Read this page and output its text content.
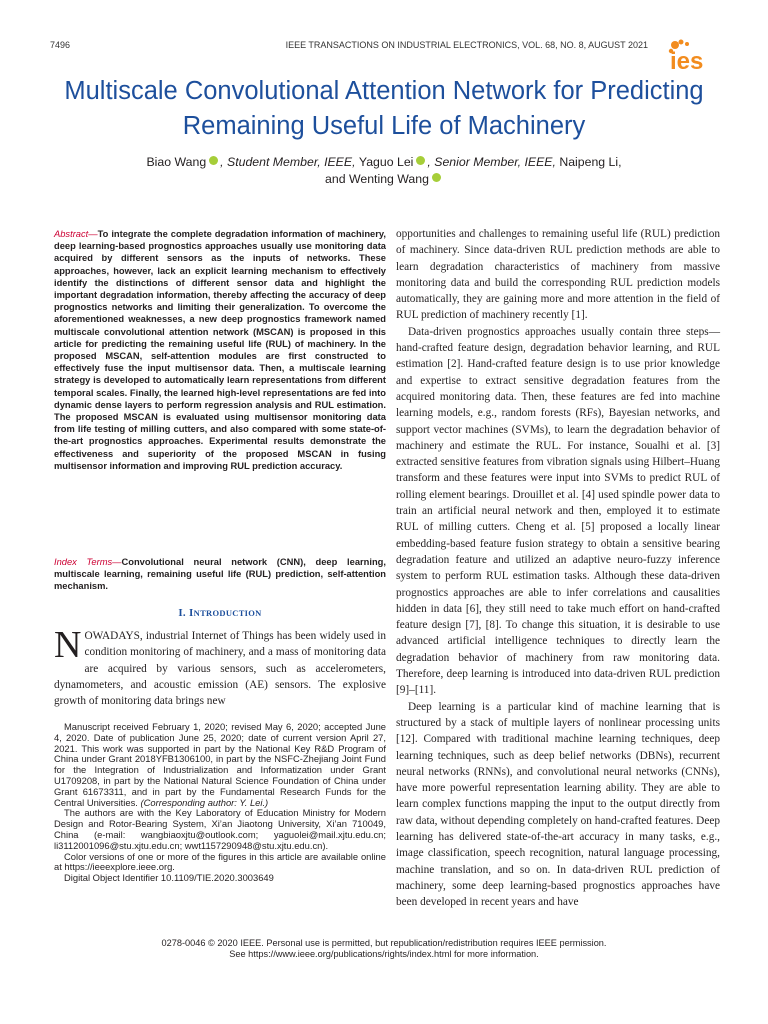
7496	IEEE TRANSACTIONS ON INDUSTRIAL ELECTRONICS, VOL. 68, NO. 8, AUGUST 2021
ies
Multiscale Convolutional Attention Network for Predicting Remaining Useful Life of Machinery
Biao Wang , Student Member, IEEE, Yaguo Lei , Senior Member, IEEE, Naipeng Li,
and Wenting Wang

Abstract—To integrate the complete degradation information of machinery, deep learning-based prognostics approaches usually use monitoring data acquired by different sensors as the inputs of networks. These approaches, however, lack an explicit learning mechanism to effectively identify the distinctions of different sensor data and highlight the important degradation information, thereby affecting the accuracy of deep prognostics networks and limiting their generalization. To overcome the aforementioned weaknesses, a new deep prognostics framework named multiscale convolutional attention network (MSCAN) is proposed in this article for predicting the remaining useful life (RUL) of machinery. In the proposed MSCAN, self-attention modules are first constructed to effectively fuse the input multisensor data. Then, a multiscale learning strategy is developed to automatically learn representations from different temporal scales. Finally, the learned high-level representations are fed into dynamic dense layers to perform regression analysis and RUL estimation. The proposed MSCAN is evaluated using multisensor monitoring data from life testing of milling cutters, and also compared with some state-of-the-art prognostics approaches. Experimental results demonstrate the effectiveness and superiority of the proposed MSCAN in fusing multisensor information and improving RUL prediction accuracy.

Index Terms—Convolutional neural network (CNN), deep learning, multiscale learning, remaining useful life (RUL) prediction, self-attention mechanism.

I. INTRODUCTION

NOWADAYS, industrial Internet of Things has been widely used in condition monitoring of machinery, and a mass of monitoring data are acquired by various sensors, such as accelerometers, dynamometers, and acoustic emission (AE) sensors. The explosive growth of monitoring data brings new

Manuscript received February 1, 2020; revised May 6, 2020; accepted June 4, 2020. Date of publication June 25, 2020; date of current version April 27, 2021. This work was supported in part by the National Key R&D Program of China under Grant 2018YFB1306100, in part by the NSFC-Zhejiang Joint Fund for the Integration of Industrialization and Informatization under Grant U1709208, in part by the National Natural Science Foundation of China under Grant 61673311, and in part by the Fundamental Research Funds for the Central Universities. (Corresponding author: Y. Lei.)

The authors are with the Key Laboratory of Education Ministry for Modern Design and Rotor-Bearing System, Xi’an Jiaotong University, Xi’an 710049, China (e-mail: wangbiaoxjtu@outlook.com; yaguolei@mail.xjtu.edu.cn; li3112001096@stu.xjtu.edu.cn; wwt1157290948@stu.xjtu.edu.cn).

Color versions of one or more of the figures in this article are available online at https://ieeexplore.ieee.org.

Digital Object Identifier 10.1109/TIE.2020.3003649

opportunities and challenges to remaining useful life (RUL) prediction of machinery. Since data-driven RUL prediction methods are able to learn degradation characteristics of machinery from massive monitoring data and build the corresponding RUL prediction models automatically, they are gaining more and more attention in the field of RUL prediction of machinery recently [1].

Data-driven prognostics approaches usually contain three steps—hand-crafted feature design, degradation behavior learning, and RUL estimation [2]. Hand-crafted feature design is to use prior knowledge and expertise to extract sensitive degradation features from the acquired monitoring data. Then, these features are fed into machine learning models, e.g., random forests (RFs), Bayesian networks, and support vector machines (SVMs), to learn the degradation behavior of machinery and estimate the RUL. For instance, Soualhi et al. [3] extracted sensitive features from vibration signals using Hilbert–Huang transform and these features were input into SVMs to predict RUL of rolling element bearings. Drouillet et al. [4] used spindle power data to train an artificial neural network and then, employed it to estimate RUL of milling cutters. Cheng et al. [5] proposed a locally linear embedding-based feature fusion strategy to obtain a sensitive bearing degradation feature and utilized an adaptive neuro-fuzzy inference system to perform RUL estimation tasks. Although these data-driven prognostics approaches are able to infer correlations and causalities hidden in data [6], they still need to take much effort on hand-crafted feature design [7], [8]. To change this situation, it is desirable to use advanced artificial intelligence techniques to directly learn the degradation behavior of machinery from raw monitoring data. Therefore, deep learning is introduced into data-driven RUL prediction [9]–[11].

Deep learning is a particular kind of machine learning that is structured by a stack of multiple layers of nonlinear processing units [12]. Compared with traditional machine learning techniques, deep learning techniques, such as deep belief networks (DBNs), recurrent neural networks (RNNs), and convolutional neural networks (CNNs), have more powerful representation learning ability. They are able to learn complex functions mapping the input to the output directly from raw data, without depending completely on hand-crafted features. Deep learning has delivered state-of-the-art accuracy in many tasks, e.g., image classification, speech recognition, natural language processing, machine translation, and so on. In data-driven RUL prediction of machinery, some deep learning-based prognostics approaches have been developed in recent years and have

0278-0046 © 2020 IEEE. Personal use is permitted, but republication/redistribution requires IEEE permission.

See https://www.ieee.org/publications/rights/index.html for more information.
